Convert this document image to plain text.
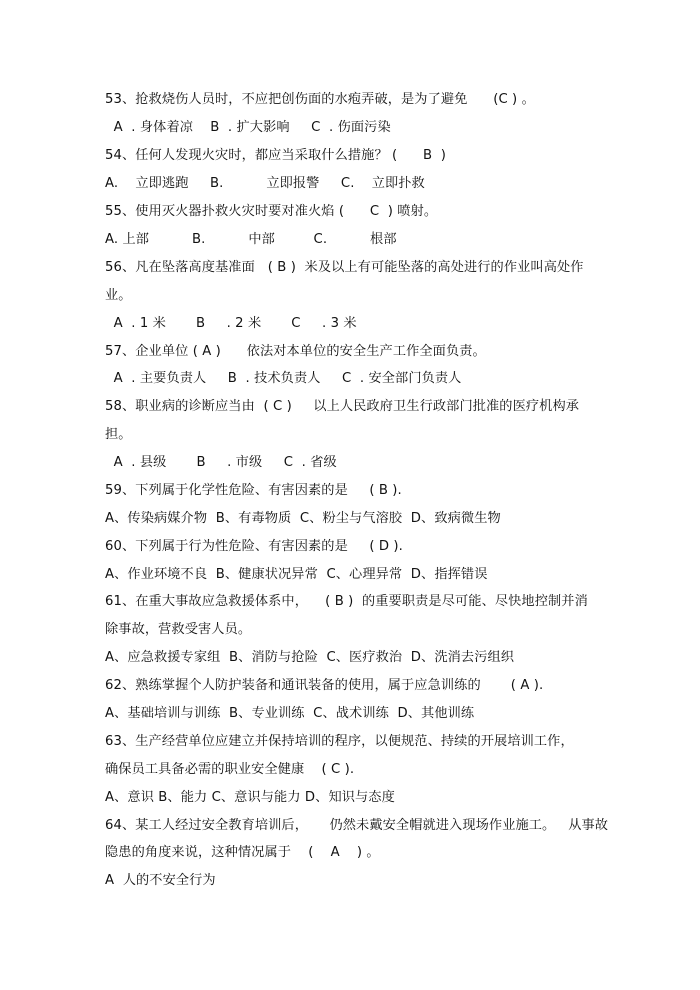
53、抢救烧伤人员时，不应把创伤面的水疱弄破，是为了避免      (C ) 。
A  . 身体着凉    B  . 扩大影响     C  . 伤面污染
54、任何人发现火灾时，都应当采取什么措施？ (      B  )
A.    立即逃跑     B.          立即报警     C.    立即扑救
55、使用灭火器扑救火灾时要对准火焰 (      C  ) 喷射。
A. 上部          B.          中部         C.          根部
56、凡在坠落高度基准面   ( B )  米及以上有可能坠落的高处进行的作业叫高处作
业。
A  . 1 米       B     . 2 米       C     . 3 米
57、企业单位 ( A )      依法对本单位的安全生产工作全面负责。
A  . 主要负责人     B  . 技术负责人     C  . 安全部门负责人
58、职业病的诊断应当由  ( C )     以上人民政府卫生行政部门批准的医疗机构承
担。
A  . 县级       B     . 市级     C  . 省级
59、下列属于化学性危险、有害因素的是     ( B ).
A、传染病媒介物  B、有毒物质  C、粉尘与气溶胶  D、致病微生物
60、下列属于行为性危险、有害因素的是     ( D ).
A、作业环境不良  B、健康状况异常  C、心理异常  D、指挥错误
61、在重大事故应急救援体系中，    ( B )  的重要职责是尽可能、尽快地控制并消
除事故，营救受害人员。
A、应急救援专家组  B、消防与抢险  C、医疗救治  D、洗消去污组织
62、熟练掌握个人防护装备和通讯装备的使用，属于应急训练的       ( A ).
A、基础培训与训练  B、专业训练  C、战术训练  D、其他训练
63、生产经营单位应建立并保持培训的程序，以便规范、持续的开展培训工作，
确保员工具备必需的职业安全健康    ( C ).
A、意识 B、能力 C、意识与能力 D、知识与态度
64、某工人经过安全教育培训后，     仍然未戴安全帽就进入现场作业施工。   从事故
隐患的角度来说，这种情况属于    (    A    ) 。
A  人的不安全行为
